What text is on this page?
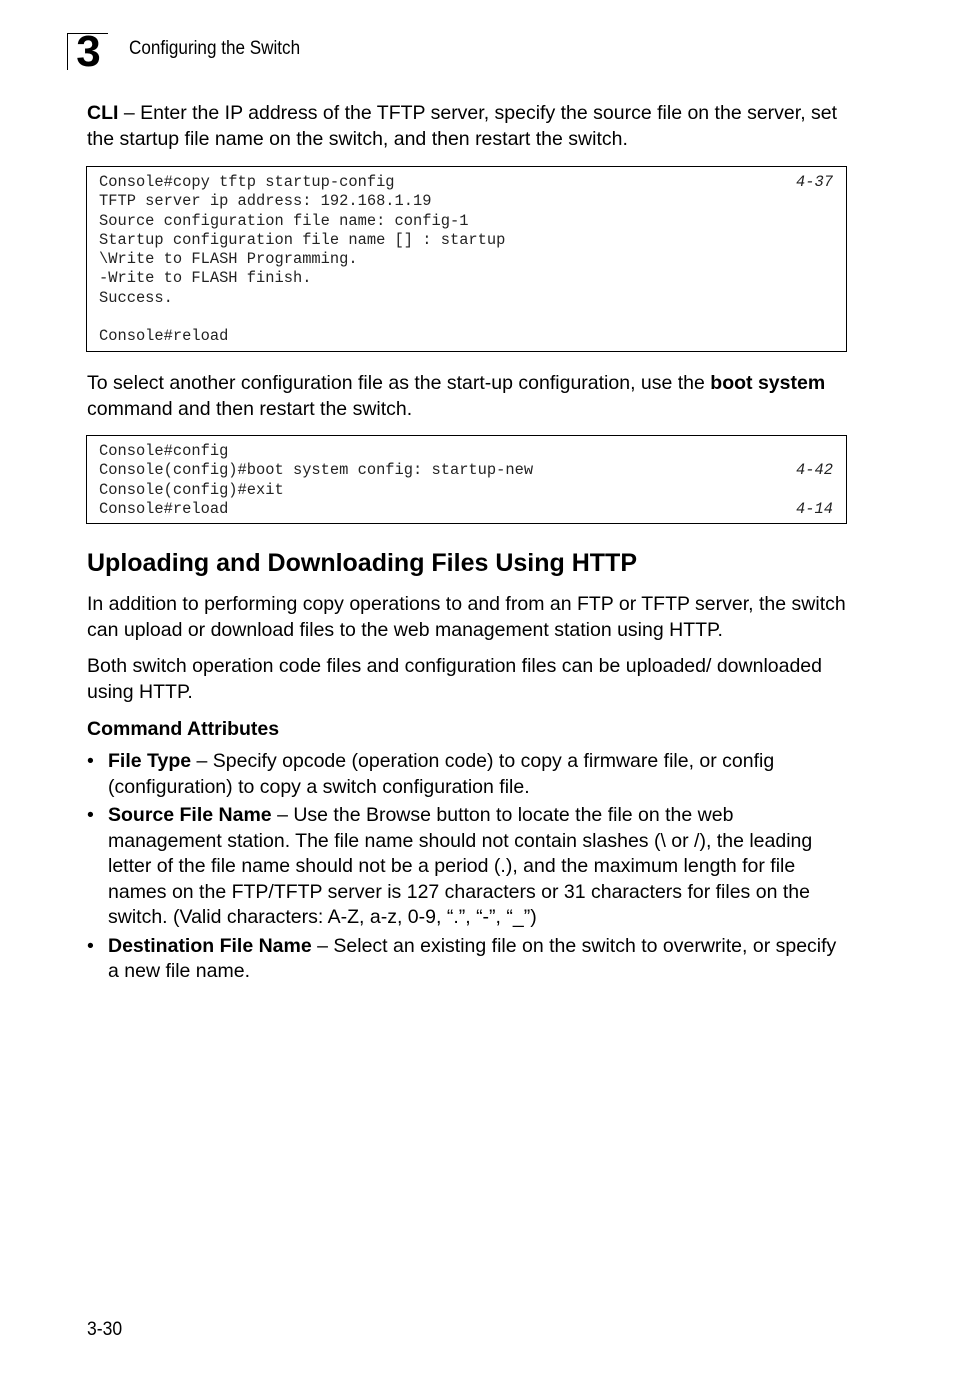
3	Configuring the Switch

CLI – Enter the IP address of the TFTP server, specify the source file on the server, set the startup file name on the switch, and then restart the switch.

Console#copy tftp startup-config	4-37
TFTP server ip address: 192.168.1.19
Source configuration file name: config-1
Startup configuration file name [] : startup
\Write to FLASH Programming.
-Write to FLASH finish.
Success.
Console#reload

To select another configuration file as the start-up configuration, use the boot system command and then restart the switch.

Console#config
Console(config)#boot system config: startup-new	4-42
Console(config)#exit
Console#reload	4-14
Uploading and Downloading Files Using HTTP

In addition to performing copy operations to and from an FTP or TFTP server, the switch can upload or download files to the web management station using HTTP.

Both switch operation code files and configuration files can be uploaded/ downloaded using HTTP.

Command Attributes
• File Type – Specify opcode (operation code) to copy a firmware file, or config (configuration) to copy a switch configuration file.
• Source File Name – Use the Browse button to locate the file on the web management station. The file name should not contain slashes (\ or /), the leading letter of the file name should not be a period (.), and the maximum length for file names on the FTP/TFTP server is 127 characters or 31 characters for files on the switch. (Valid characters: A-Z, a-z, 0-9, “.”, “-”, “_”)
• Destination File Name – Select an existing file on the switch to overwrite, or specify a new file name.
3-30
